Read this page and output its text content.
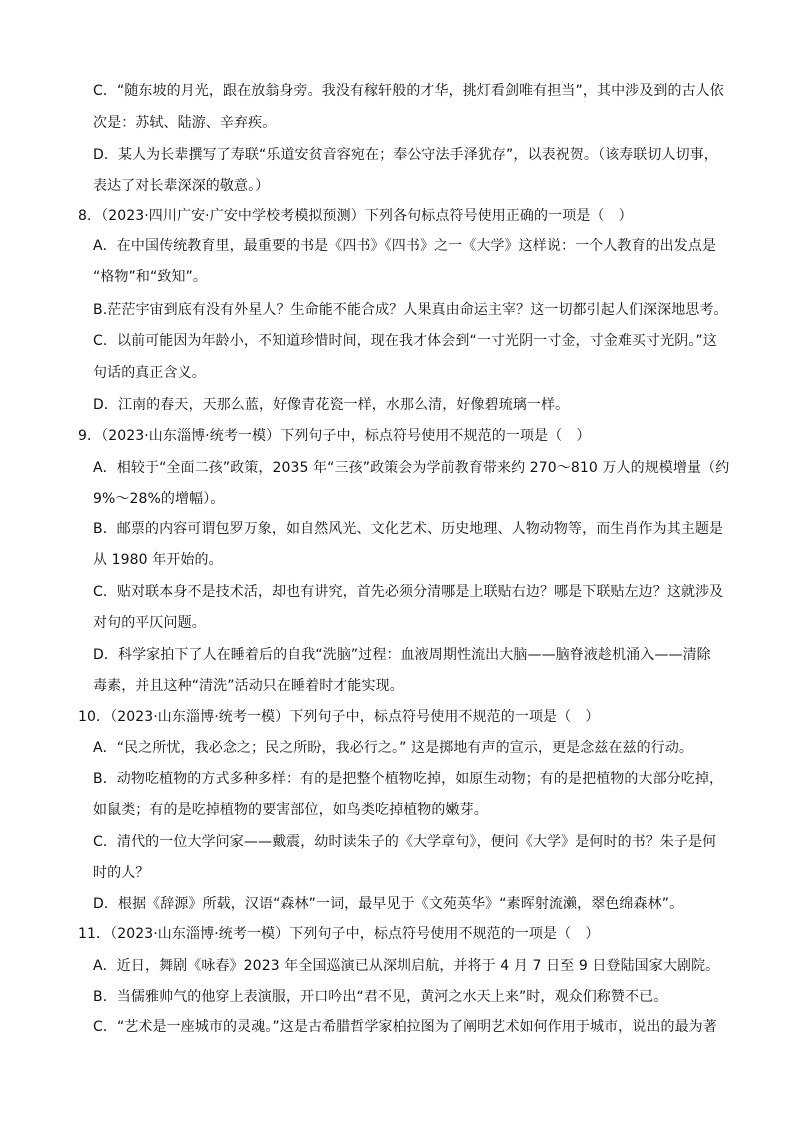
C．“随东坡的月光，跟在放翁身旁。我没有稼轩般的才华，挑灯看剑唯有担当”，其中涉及到的古人依
次是：苏轼、陆游、辛弃疾。
D．某人为长辈撰写了寿联“乐道安贫音容宛在；奉公守法手泽犹存”，以表祝贺。（该寿联切人切事，
表达了对长辈深深的敬意。）
8．（2023·四川广安·广安中学校考模拟预测）下列各句标点符号使用正确的一项是（　）
A．在中国传统教育里，最重要的书是《四书》《四书》之一《大学》这样说：一个人教育的出发点是
“格物”和“致知”。
B.茫茫宇宙到底有没有外星人？生命能不能合成？人果真由命运主宰？这一切都引起人们深深地思考。
C．以前可能因为年龄小，不知道珍惜时间，现在我才体会到“一寸光阴一寸金，寸金难买寸光阴。”这
句话的真正含义。
D．江南的春天，天那么蓝，好像青花瓷一样，水那么清，好像碧琉璃一样。
9．（2023·山东淄博·统考一模）下列句子中，标点符号使用不规范的一项是（　）
A．相较于“全面二孩”政策，2035 年“三孩”政策会为学前教育带来约 270～810 万人的规模增量（约
9%～28%的增幅）。
B．邮票的内容可谓包罗万象，如自然风光、文化艺术、历史地理、人物动物等，而生肖作为其主题是
从 1980 年开始的。
C．贴对联本身不是技术活，却也有讲究，首先必须分清哪是上联贴右边？哪是下联贴左边？这就涉及
对句的平仄问题。
D．科学家拍下了人在睡着后的自我“洗脑”过程：血液周期性流出大脑——脑脊液趁机涌入——清除
毒素，并且这种“清洗”活动只在睡着时才能实现。
10．（2023·山东淄博·统考一模）下列句子中，标点符号使用不规范的一项是（　）
A．“民之所忧，我必念之；民之所盼，我必行之。” 这是掷地有声的宣示，更是念兹在兹的行动。
B．动物吃植物的方式多种多样：有的是把整个植物吃掉，如原生动物；有的是把植物的大部分吃掉，
如鼠类；有的是吃掉植物的要害部位，如鸟类吃掉植物的嫩芽。
C．清代的一位大学问家——戴震，幼时读朱子的《大学章句》，便问《大学》是何时的书？朱子是何
时的人？
D．根据《辞源》所载，汉语“森林”一词，最早见于《文苑英华》“素晖射流濑，翠色绵森林”。
11．（2023·山东淄博·统考一模）下列句子中，标点符号使用不规范的一项是（　）
A．近日，舞剧《咏春》2023 年全国巡演已从深圳启航，并将于 4 月 7 日至 9 日登陆国家大剧院。
B．当儒雅帅气的他穿上表演服，开口吟出“君不见，黄河之水天上来”时，观众们称赞不已。
C．“艺术是一座城市的灵魂。”这是古希腊哲学家柏拉图为了阐明艺术如何作用于城市，说出的最为著
